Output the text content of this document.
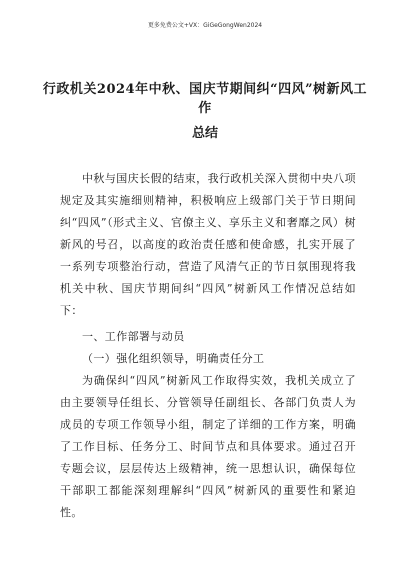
更多免费公文+VX：GiGeGongWen2024
行政机关2024年中秋、国庆节期间纠“四风”树新风工作
总结
中秋与国庆长假的结束，我行政机关深入贯彻中央八项规定及其实施细则精神，积极响应上级部门关于节日期间纠“四风”（形式主义、官僚主义、享乐主义和奢靡之风）树新风的号召，以高度的政治责任感和使命感，扎实开展了一系列专项整治行动，营造了风清气正的节日氛围现将我机关中秋、国庆节期间纠“四风”树新风工作情况总结如下：
一、工作部署与动员
（一）强化组织领导，明确责任分工
为确保纠“四风”树新风工作取得实效，我机关成立了由主要领导任组长、分管领导任副组长、各部门负责人为成员的专项工作领导小组，制定了详细的工作方案，明确了工作目标、任务分工、时间节点和具体要求。通过召开专题会议，层层传达上级精神，统一思想认识，确保每位干部职工都能深刻理解纠“四风”树新风的重要性和紧迫性。
